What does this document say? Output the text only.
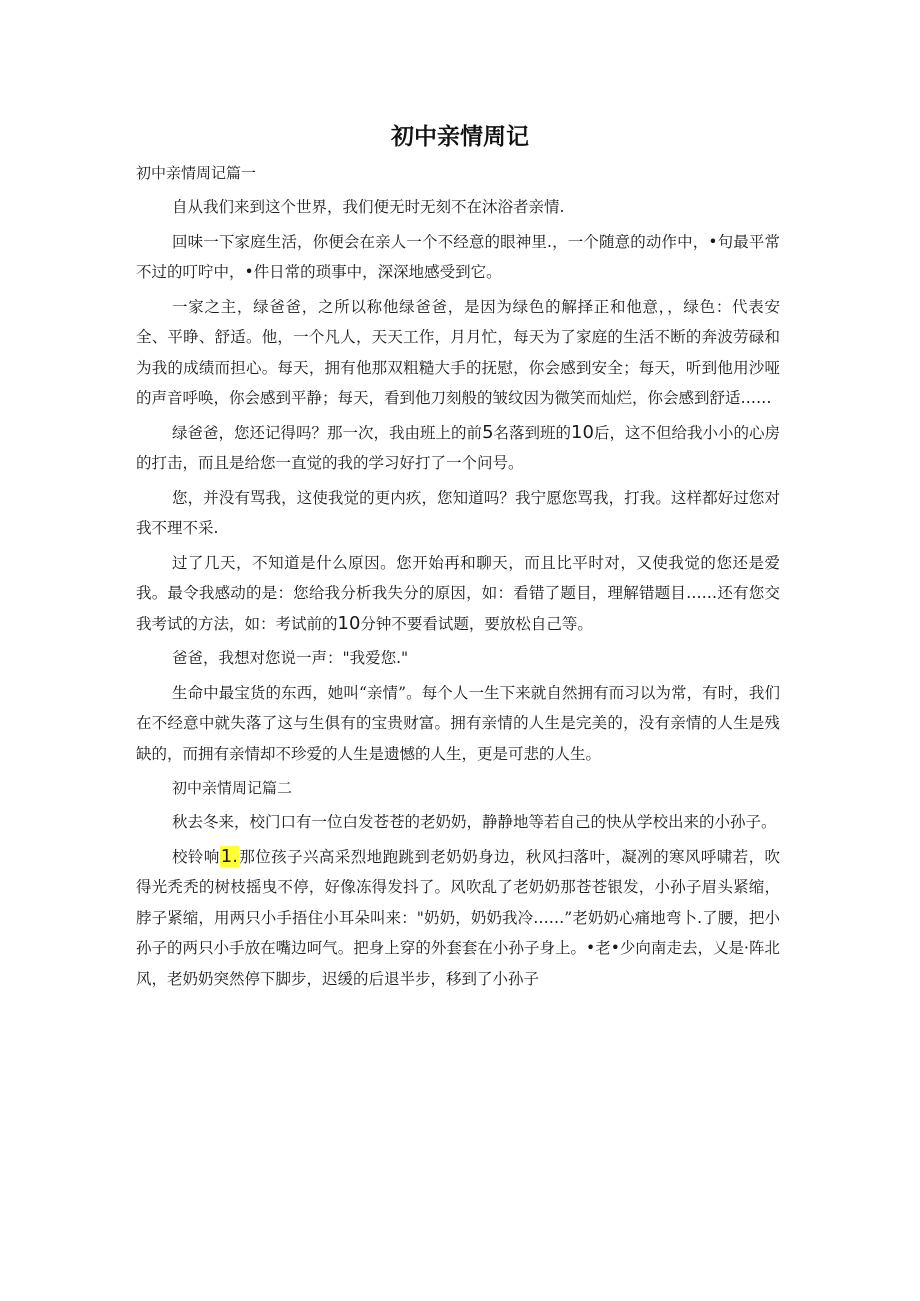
初中亲情周记
初中亲情周记篇一

自从我们来到这个世界，我们便无时无刻不在沐浴者亲情.

回味一下家庭生活，你便会在亲人一个不经意的眼神里.，一个随意的动作中，•句最平常不过的叮咛中，•件日常的琐事中，深深地感受到它。

一家之主，绿爸爸，之所以称他绿爸爸，是因为绿色的解择正和他意，，绿色：代表安全、平睁、舒适。他，一个凡人，天天工作，月月忙，每天为了家庭的生活不断的奔波劳碌和为我的成绩而担心。每天，拥有他那双粗糙大手的抚慰，你会感到安全；每天，听到他用沙哑的声音呼唤，你会感到平静；每天，看到他刀刻般的皱纹因为微笑而灿烂，你会感到舒适……

绿爸爸，您还记得吗？那一次，我由班上的前5名落到班的10后，这不但给我小小的心房的打击，而且是给您一直觉的我的学习好打了一个问号。

您，并没有骂我，这使我觉的更内疚，您知道吗？我宁愿您骂我，打我。这样都好过您对我不理不采.

过了几天，不知道是什么原因。您开始再和聊天，而且比平时对，又使我觉的您还是爱我。最令我感动的是：您给我分析我失分的原因，如：看错了题目，理解错题目……还有您交我考试的方法，如：考试前的10分钟不要看试题，要放松自己等。

爸爸，我想对您说一声："我爱您."

生命中最宝货的东西，她叫“亲情”。每个人一生下来就自然拥有而习以为常，有时，我们在不经意中就失落了这与生俱有的宝贵财富。拥有亲情的人生是完美的，没有亲情的人生是残缺的，而拥有亲情却不珍爱的人生是遗憾的人生，更是可悲的人生。

初中亲情周记篇二

秋去冬来，校门口有一位白发苍苍的老奶奶，静静地等若自己的快从学校出来的小孙子。

校铃响1.那位孩子兴高采烈地跑跳到老奶奶身边，秋风扫落叶，凝冽的寒风呼啸若，吹得光秃秃的树枝摇曳不停，好像冻得发抖了。风吹乱了老奶奶那苍苍银发，小孙子眉头紧缩，脖子紧缩，用两只小手捂住小耳朵叫来："奶奶，奶奶我冷……”老奶奶心痛地弯卜.了腰，把小孙子的两只小手放在嘴边呵气。把身上穿的外套套在小孙子身上。•老•少向南走去，乂是·阵北风，老奶奶突然停下脚步，迟缓的后退半步，移到了小孙子
